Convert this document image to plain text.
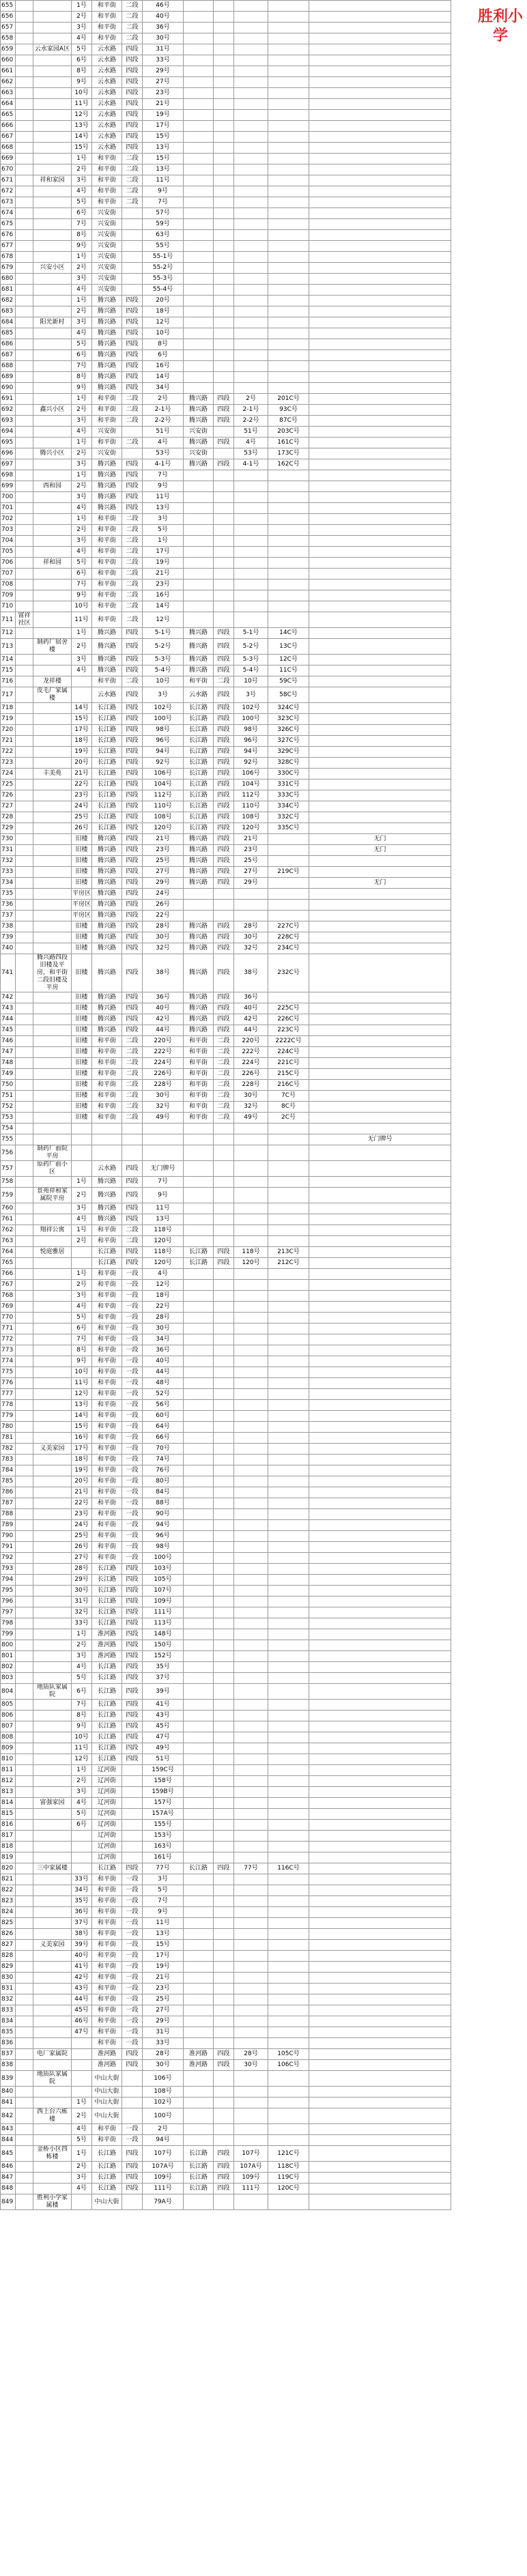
655			1号	和平街	二段	46号					
656			2号	和平街	二段	40号					
657			3号	和平街	二段	36号					
658			4号	和平街	二段	30号					
659		云水家园A区	5号	云水路	四段	31号					
660			6号	云水路	四段	33号					
661			8号	云水路	四段	29号					
662			9号	云水路	四段	27号					
663			10号	云水路	四段	23号					
664			11号	云水路	四段	21号					
665			12号	云水路	四段	19号					
666			13号	云水路	四段	17号					
667			14号	云水路	四段	15号					
668			15号	云水路	四段	13号					
669			1号	和平街	二段	15号					
670			2号	和平街	二段	13号					
671		祥和家园	3号	和平街	二段	11号					
672			4号	和平街	二段	9号					
673			5号	和平街	二段	7号					
674			6号	兴安街		57号					
675			7号	兴安街		59号					
676			8号	兴安街		63号					
677			9号	兴安街		55号					
678			1号	兴安街		55-1号					
679		兴安小区	2号	兴安街		55-2号					
680			3号	兴安街		55-3号					
681			4号	兴安街		55-4号					
682			1号	腾兴路	四段	20号					
683			2号	腾兴路	四段	18号					
684		阳光新村	3号	腾兴路	四段	12号					
685			4号	腾兴路	四段	10号					
686			5号	腾兴路	四段	8号					
687			6号	腾兴路	四段	6号					
688			7号	腾兴路	四段	16号					
689			8号	腾兴路	四段	14号					
690			9号	腾兴路	四段	34号					
691			1号	和平街	二段	2号	腾兴路	四段	2号	201C号	
692		鑫兴小区	2号	和平街	二段	2-1号	腾兴路	四段	2-1号	93C号	
693			3号	和平街	二段	2-2号	腾兴路	四段	2-2号	87C号	
694			4号	兴安街		51号	兴安街		51号	203C号	
695			1号	和平街	二段	4号	腾兴路	四段	4号	161C号	
696		腾兴小区	2号	兴安街		53号	兴安街		53号	173C号	
697			3号	腾兴路	四段	4-1号	腾兴路	四段	4-1号	162C号	
698			1号	腾兴路	四段	7号					
699		西和园	2号	腾兴路	四段	9号					
700			3号	腾兴路	四段	11号					
701			4号	腾兴路	四段	13号					
702			1号	和平街	二段	3号					
703			2号	和平街	二段	5号					
704			3号	和平街	二段	1号					
705			4号	和平街	二段	17号					
706		祥和园	5号	和平街	二段	19号					
707			6号	和平街	二段	21号					
708			7号	和平街	二段	23号					
709			9号	和平街	二段	16号					
710			10号	和平街	二段	14号					
711	富祥社区		11号	和平街	二段	12号					
712			1号	腾兴路	四段	5-1号	腾兴路	四段	5-1号	14C号	
713		制药厂宿舍楼	2号	腾兴路	四段	5-2号	腾兴路	四段	5-2号	13C号	
714			3号	腾兴路	四段	5-3号	腾兴路	四段	5-3号	12C号	
715			4号	腾兴路	四段	5-4号	腾兴路	四段	5-4号	11C号	
716		龙祥楼		和平街	二段	10号	和平街	二段	10号	59C号	
717		皮毛厂家属楼		云水路	四段	3号	云水路	四段	3号	58C号	
718			14号	长江路	四段	102号	长江路	四段	102号	324C号	
719			15号	长江路	四段	100号	长江路	四段	100号	323C号	
720			17号	长江路	四段	98号	长江路	四段	98号	326C号	
721			18号	长江路	四段	96号	长江路	四段	96号	327C号	
722			19号	长江路	四段	94号	长江路	四段	94号	329C号	
723			20号	长江路	四段	92号	长江路	四段	92号	328C号	
724		丰美苑	21号	长江路	四段	106号	长江路	四段	106号	330C号	
725			22号	长江路	四段	104号	长江路	四段	104号	331C号	
726			23号	长江路	四段	112号	长江路	四段	112号	333C号	
727			24号	长江路	四段	110号	长江路	四段	110号	334C号	
728			25号	长江路	四段	108号	长江路	四段	108号	332C号	
729			26号	长江路	四段	120号	长江路	四段	120号	335C号	
730			旧楼	腾兴路	四段	21号	腾兴路	四段	21号		无门
731			旧楼	腾兴路	四段	23号	腾兴路	四段	23号		无门
732			旧楼	腾兴路	四段	25号	腾兴路	四段	25号		
733			旧楼	腾兴路	四段	27号	腾兴路	四段	27号	219C号	
734			旧楼	腾兴路	四段	29号	腾兴路	四段	29号		无门
735			平房区	腾兴路	四段	24号					
736			平房区	腾兴路	四段	26号					
737			平房区	腾兴路	四段	22号					
738			旧楼	腾兴路	四段	28号	腾兴路	四段	28号	227C号	
739			旧楼	腾兴路	四段	30号	腾兴路	四段	30号	228C号	
740			旧楼	腾兴路	四段	32号	腾兴路	四段	32号	234C号	
741		腾兴路四段旧楼及平房，和平街二段旧楼及平房	旧楼	腾兴路	四段	38号	腾兴路	四段	38号	232C号	
742			旧楼	腾兴路	四段	36号	腾兴路	四段	36号		
743			旧楼	腾兴路	四段	40号	腾兴路	四段	40号	225C号	
744			旧楼	腾兴路	四段	42号	腾兴路	四段	42号	226C号	
745			旧楼	腾兴路	四段	44号	腾兴路	四段	44号	223C号	
746			旧楼	和平街	二段	220号	和平街	二段	220号	2222C号	
747			旧楼	和平街	二段	222号	和平街	二段	222号	224C号	
748			旧楼	和平街	二段	224号	和平街	二段	224号	221C号	
749			旧楼	和平街	二段	226号	和平街	二段	226号	215C号	
750			旧楼	和平街	二段	228号	和平街	二段	228号	216C号	
751			旧楼	和平街	二段	30号	和平街	二段	30号	7C号	
752			旧楼	和平街	二段	32号	和平街	二段	32号	8C号	
753			旧楼	和平街	二段	49号	和平街	二段	49号	2C号	
754											
755											无门牌号
756		制药厂前院平房									
757		原药厂前小区		云水路	四段	无门牌号					
758			1号	腾兴路	四段	7号					
759		景苑祥和家属院平房	2号	腾兴路	四段	9号					
760			3号	腾兴路	四段	11号					
761			4号	腾兴路	四段	13号					
762		翔祥公寓	1号	和平街	二段	118号					
763			2号	和平街	二段	120号					
764		悦庭雅居		长江路	四段	118号	长江路	四段	118号	213C号	
765				长江路	四段	120号	长江路	四段	120号	212C号	
766			1号	和平街	一段	4号					
767			2号	和平街	一段	12号					
768			3号	和平街	一段	18号					
769			4号	和平街	一段	22号					
770			5号	和平街	一段	28号					
771			6号	和平街	一段	30号					
772			7号	和平街	一段	34号					
773			8号	和平街	一段	36号					
774			9号	和平街	一段	40号					
775			10号	和平街	一段	44号					
776			11号	和平街	一段	48号					
777			12号	和平街	一段	52号					
778			13号	和平街	一段	56号					
779			14号	和平街	一段	60号					
780			15号	和平街	一段	64号					
781			16号	和平街	一段	66号					
782		义美家园	17号	和平街	一段	70号					
783			18号	和平街	一段	74号					
784			19号	和平街	一段	76号					
785			20号	和平街	一段	80号					
786			21号	和平街	一段	84号					
787			22号	和平街	一段	88号					
788			23号	和平街	一段	90号					
789			24号	和平街	一段	94号					
790			25号	和平街	一段	96号					
791			26号	和平街	一段	98号					
792			27号	和平街	一段	100号					
793			28号	长江路	四段	103号					
794			29号	长江路	四段	105号					
795			30号	长江路	四段	107号					
796			31号	长江路	四段	109号					
797			32号	长江路	四段	111号					
798			33号	长江路	四段	113号					
799			1号	淮河路	四段	148号					
800			2号	淮河路	四段	150号					
801			3号	淮河路	四段	152号					
802			4号	长江路	四段	35号					
803			5号	长江路	四段	37号					
804		地质队家属院	6号	长江路	四段	39号					
805			7号	长江路	四段	41号					
806			8号	长江路	四段	43号					
807			9号	长江路	四段	45号					
808			10号	长江路	四段	47号					
809			11号	长江路	四段	49号					
810			12号	长江路	四段	51号					
811			1号	辽河街		159C号					
812			2号	辽河街		158号					
813			3号	辽河街		159B号					
814		富强家园	4号	辽河街		157号					
815			5号	辽河街		157A号					
816			6号	辽河街		155号					
817				辽河街		153号					
818				辽河街		163号					
819				辽河街		161号					
820		三中家属楼		长江路	四段	77号	长江路	四段	77号	116C号	
821			33号	和平街	一段	3号					
822			34号	和平街	一段	5号					
823			35号	和平街	一段	7号					
824			36号	和平街	一段	9号					
825			37号	和平街	一段	11号					
826			38号	和平街	一段	13号					
827		义美家园	39号	和平街	一段	15号					
828			40号	和平街	一段	17号					
829			41号	和平街	一段	19号					
830			42号	和平街	一段	21号					
831			43号	和平街	一段	23号					
832			44号	和平街	一段	25号					
833			45号	和平街	一段	27号					
834			46号	和平街	一段	29号					
835			47号	和平街	一段	31号					
836				和平街	一段	33号					
837		电厂家属院		淮河路	四段	28号	淮河路	四段	28号	105C号	
838				淮河路	四段	30号	淮河路	四段	30号	106C号	
839		地质队家属院		中山大街		106号					
840				中山大街		108号					
841			1号	中山大街		102号					
842		西上台六栋楼	2号	中山大街		100号					
843			4号	和平街	一段	2号					
844			5号	和平街	一段	94号					
845		金桥小区四栋楼	1号	长江路	四段	107号	长江路	四段	107号	121C号	
846			2号	长江路	四段	107A号	长江路	四段	107A号	118C号	
847			3号	长江路	四段	109号	长江路	四段	109号	119C号	
848			4号	长江路	四段	111号	长江路	四段	111号	120C号	
849		胜利小学家属楼		中山大街		79A号					
胜利小学
